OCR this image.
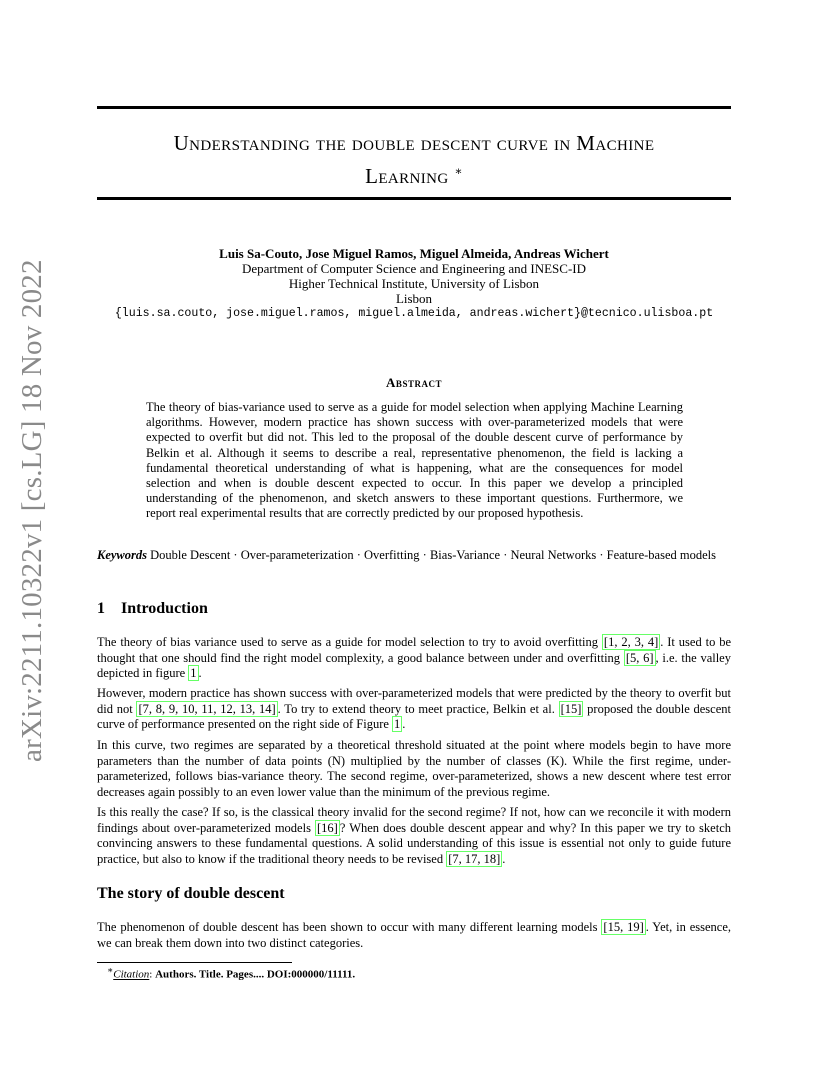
arXiv:2211.10322v1 [cs.LG] 18 Nov 2022
Understanding the double descent curve in Machine
Learning ∗
Luis Sa-Couto, Jose Miguel Ramos, Miguel Almeida, Andreas Wichert
Department of Computer Science and Engineering and INESC-ID
Higher Technical Institute, University of Lisbon
Lisbon
{luis.sa.couto, jose.miguel.ramos, miguel.almeida, andreas.wichert}@tecnico.ulisboa.pt
Abstract
The theory of bias-variance used to serve as a guide for model selection when applying Machine Learning algorithms. However, modern practice has shown success with over-parameterized models that were expected to overfit but did not. This led to the proposal of the double descent curve of performance by Belkin et al. Although it seems to describe a real, representative phenomenon, the field is lacking a fundamental theoretical understanding of what is happening, what are the consequences for model selection and when is double descent expected to occur. In this paper we develop a principled understanding of the phenomenon, and sketch answers to these important questions. Furthermore, we report real experimental results that are correctly predicted by our proposed hypothesis.
Keywords Double Descent · Over-parameterization · Overfitting · Bias-Variance · Neural Networks · Feature-based models
1 Introduction
The theory of bias variance used to serve as a guide for model selection to try to avoid overfitting [1, 2, 3, 4] . It used to be thought that one should find the right model complexity, a good balance between under and overfitting [5, 6] , i.e. the valley depicted in figure 1 .
However, modern practice has shown success with over-parameterized models that were predicted by the theory to overfit but did not [7, 8, 9, 10, 11, 12, 13, 14] . To try to extend theory to meet practice, Belkin et al. [15] proposed the double descent curve of performance presented on the right side of Figure 1 .
In this curve, two regimes are separated by a theoretical threshold situated at the point where models begin to have more parameters than the number of data points (N) multiplied by the number of classes (K). While the first regime, under-parameterized, follows bias-variance theory. The second regime, over-parameterized, shows a new descent where test error decreases again possibly to an even lower value than the minimum of the previous regime.
Is this really the case? If so, is the classical theory invalid for the second regime? If not, how can we reconcile it with modern findings about over-parameterized models [16] ? When does double descent appear and why? In this paper we try to sketch convincing answers to these fundamental questions. A solid understanding of this issue is essential not only to guide future practice, but also to know if the traditional theory needs to be revised [7, 17, 18] .
The story of double descent
The phenomenon of double descent has been shown to occur with many different learning models [15, 19] . Yet, in essence, we can break them down into two distinct categories.
∗Citation: Authors. Title. Pages.... DOI:000000/11111.
